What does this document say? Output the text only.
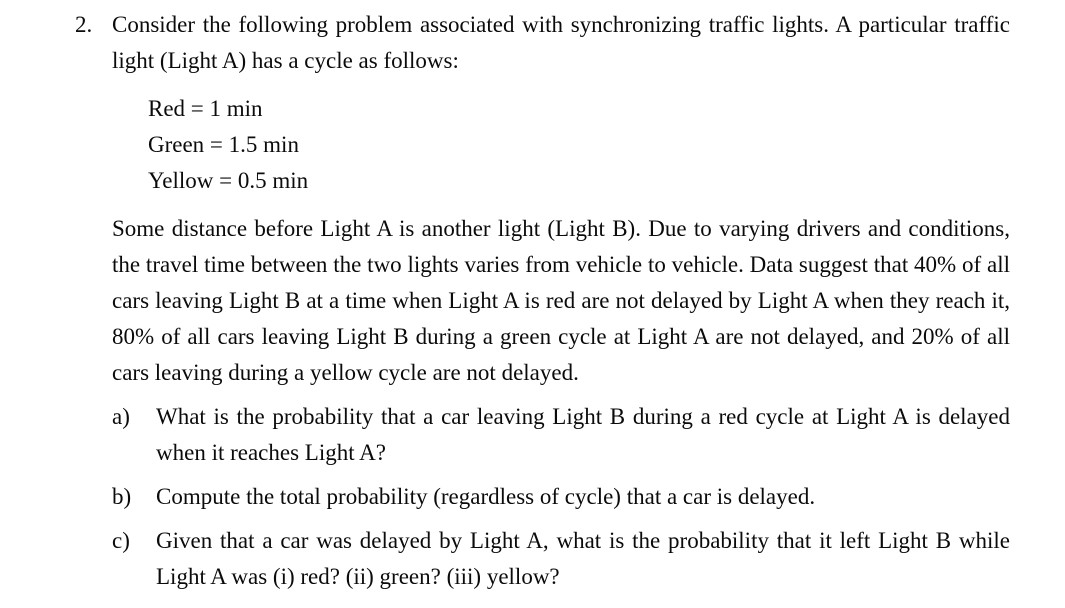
2. Consider the following problem associated with synchronizing traffic lights. A particular traffic light (Light A) has a cycle as follows:

Red = 1 min
Green = 1.5 min
Yellow = 0.5 min

Some distance before Light A is another light (Light B). Due to varying drivers and conditions, the travel time between the two lights varies from vehicle to vehicle. Data suggest that 40% of all cars leaving Light B at a time when Light A is red are not delayed by Light A when they reach it, 80% of all cars leaving Light B during a green cycle at Light A are not delayed, and 20% of all cars leaving during a yellow cycle are not delayed.

a)	What is the probability that a car leaving Light B during a red cycle at Light A is delayed when it reaches Light A?

b)	Compute the total probability (regardless of cycle) that a car is delayed.

c)	Given that a car was delayed by Light A, what is the probability that it left Light B while Light A was (i) red? (ii) green? (iii) yellow?
